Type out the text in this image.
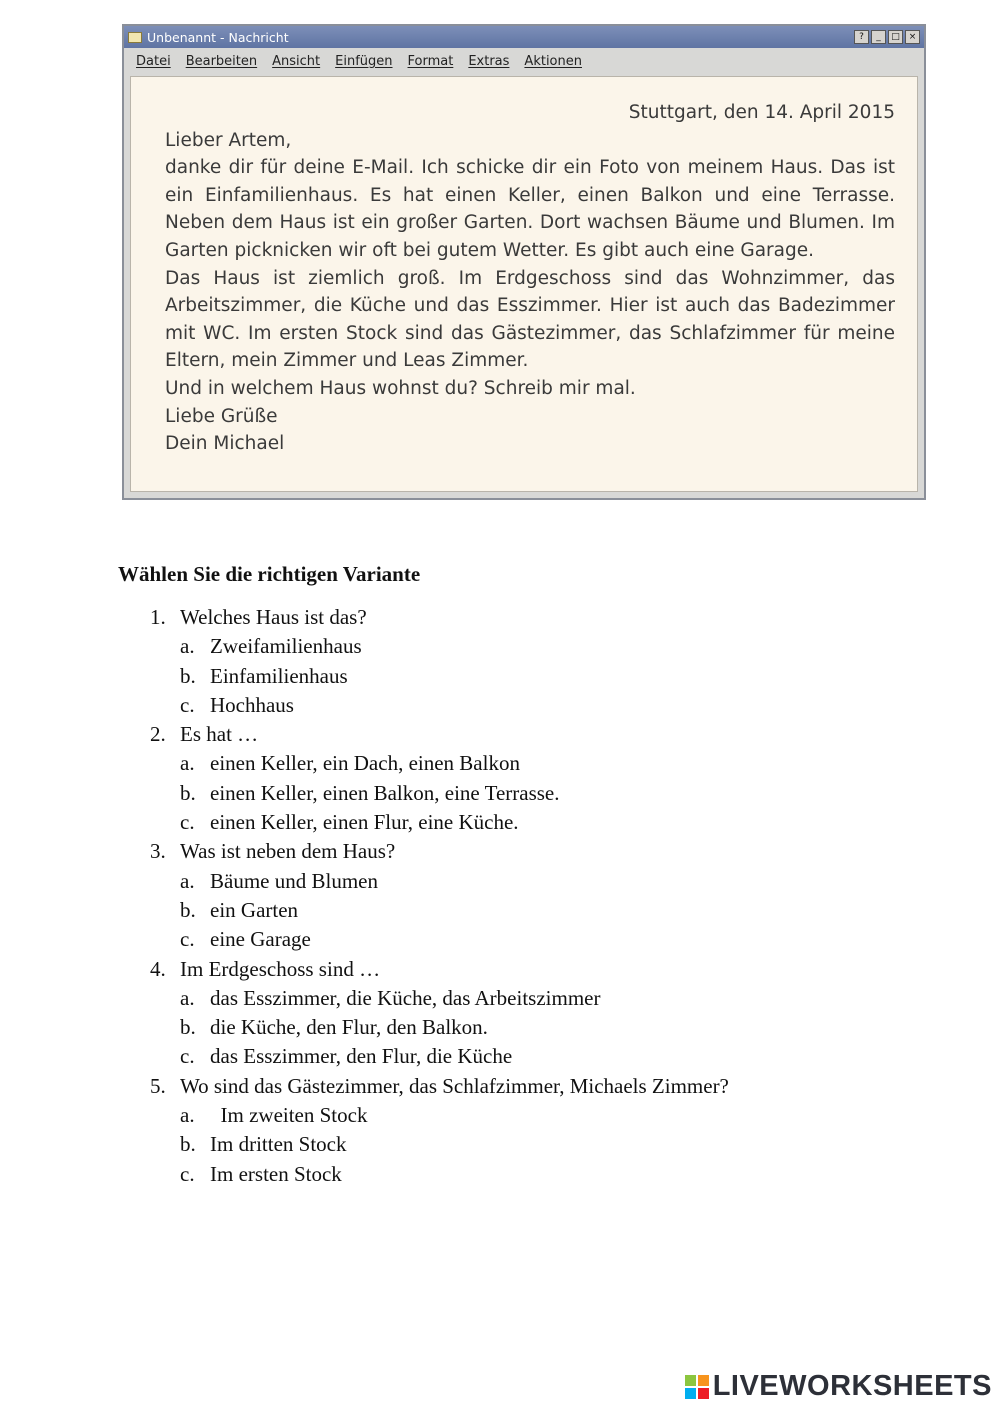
Unbenannt - Nachricht	?	_	□ ×
Datei Bearbeiten Ansicht Einfügen Format Extras Aktionen

Stuttgart, den 14. April 2015

Lieber Artem,

danke dir für deine E-Mail. Ich schicke dir ein Foto von meinem Haus. Das ist ein Einfamilienhaus. Es hat einen Keller, einen Balkon und eine Terrasse. Neben dem Haus ist ein großer Garten. Dort wachsen Bäume und Blumen. Im Garten picknicken wir oft bei gutem Wetter. Es gibt auch eine Garage.

Das Haus ist ziemlich groß. Im Erdgeschoss sind das Wohnzimmer, das Arbeitszimmer, die Küche und das Esszimmer. Hier ist auch das Badezimmer mit WC. Im ersten Stock sind das Gästezimmer, das Schlafzimmer für meine Eltern, mein Zimmer und Leas Zimmer.

Und in welchem Haus wohnst du? Schreib mir mal.

Liebe Grüße

Dein Michael

Wählen Sie die richtigen Variante
1. Welches Haus ist das?
a. Zweifamilienhaus
b. Einfamilienhaus
c. Hochhaus
2. Es hat …
a. einen Keller, ein Dach, einen Balkon
b. einen Keller, einen Balkon, eine Terrasse.
c. einen Keller, einen Flur, eine Küche.
3. Was ist neben dem Haus?
a. Bäume und Blumen
b. ein Garten
c. eine Garage
4. Im Erdgeschoss sind …
a. das Esszimmer, die Küche, das Arbeitszimmer
b. die Küche, den Flur, den Balkon.
c. das Esszimmer, den Flur, die Küche
5. Wo sind das Gästezimmer, das Schlafzimmer, Michaels Zimmer?
a.  Im zweiten Stock
b. Im dritten Stock
c. Im ersten Stock
LIVEWORKSHEETS
